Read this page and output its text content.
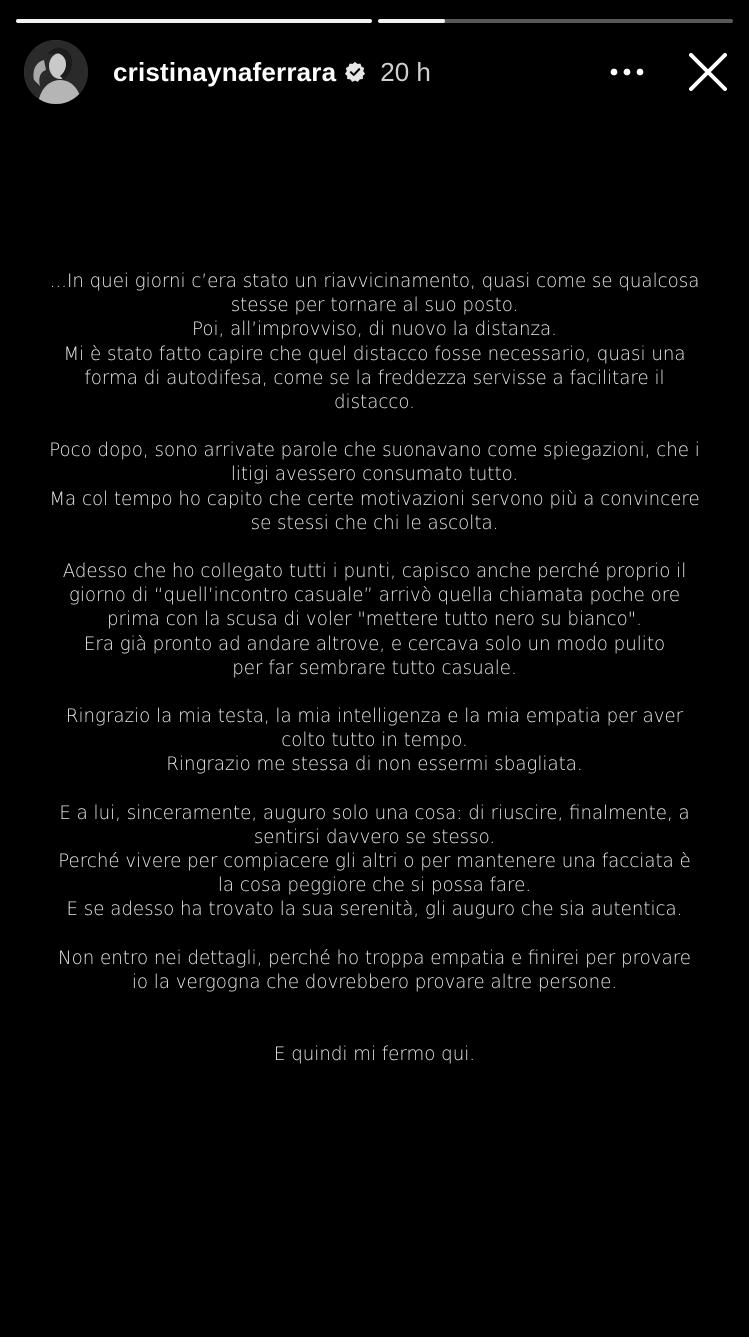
cristinaynaferrara 20 h

...In quei giorni c’era stato un riavvicinamento, quasi come se qualcosa
stesse per tornare al suo posto.
Poi, all’improvviso, di nuovo la distanza.
Mi è stato fatto capire che quel distacco fosse necessario, quasi una
forma di autodifesa, come se la freddezza servisse a facilitare il
distacco.

Poco dopo, sono arrivate parole che suonavano come spiegazioni, che i
litigi avessero consumato tutto.
Ma col tempo ho capito che certe motivazioni servono più a convincere
se stessi che chi le ascolta.

Adesso che ho collegato tutti i punti, capisco anche perché proprio il
giorno di “quell’incontro casuale” arrivò quella chiamata poche ore
prima con la scusa di voler "mettere tutto nero su bianco".
Era già pronto ad andare altrove, e cercava solo un modo pulito
per far sembrare tutto casuale.

Ringrazio la mia testa, la mia intelligenza e la mia empatia per aver
colto tutto in tempo.
Ringrazio me stessa di non essermi sbagliata.

E a lui, sinceramente, auguro solo una cosa: di riuscire, finalmente, a
sentirsi davvero se stesso.
Perché vivere per compiacere gli altri o per mantenere una facciata è
la cosa peggiore che si possa fare.
E se adesso ha trovato la sua serenità, gli auguro che sia autentica.

Non entro nei dettagli, perché ho troppa empatia e finirei per provare
io la vergogna che dovrebbero provare altre persone.

E quindi mi fermo qui.
